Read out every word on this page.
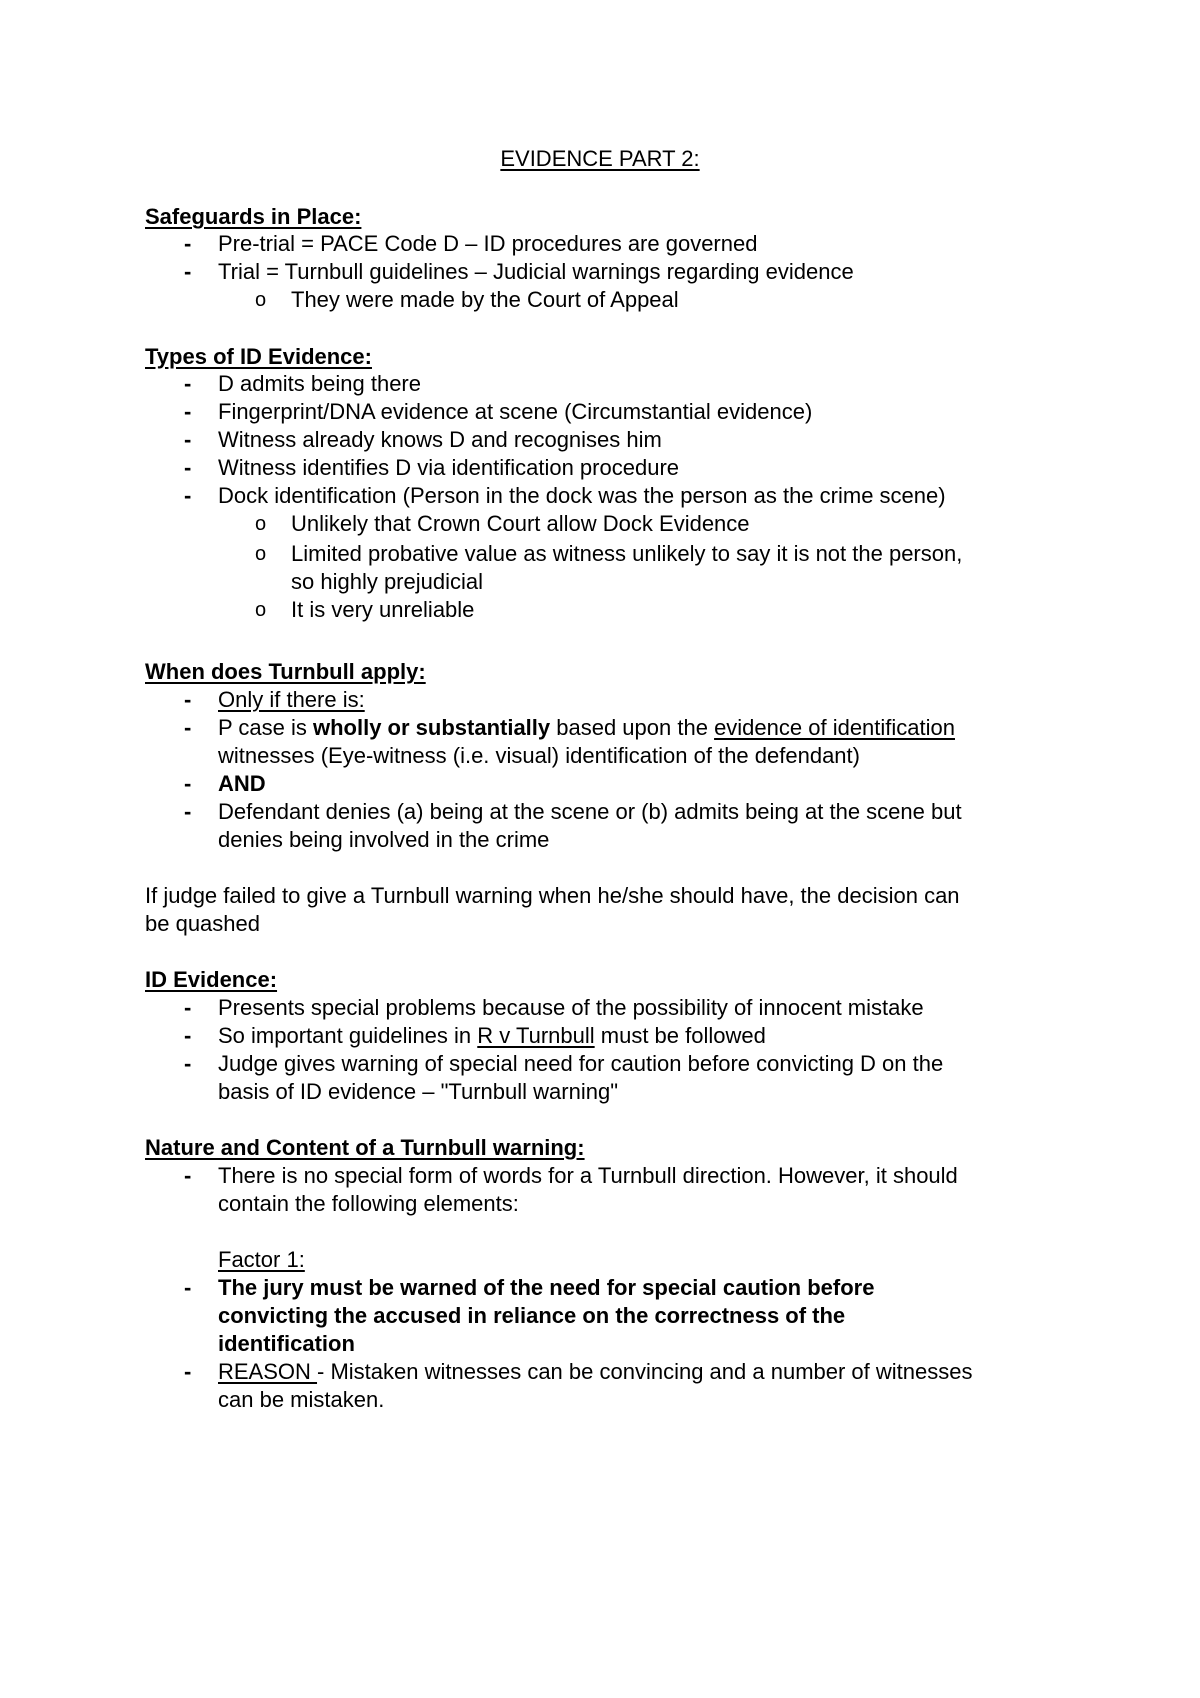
EVIDENCE PART 2:
Safeguards in Place:
- Pre-trial = PACE Code D – ID procedures are governed
- Trial = Turnbull guidelines – Judicial warnings regarding evidence
o They were made by the Court of Appeal
Types of ID Evidence:
- D admits being there
- Fingerprint/DNA evidence at scene (Circumstantial evidence)
- Witness already knows D and recognises him
- Witness identifies D via identification procedure
- Dock identification (Person in the dock was the person as the crime scene)
o Unlikely that Crown Court allow Dock Evidence
o Limited probative value as witness unlikely to say it is not the person,
so highly prejudicial
o It is very unreliable
When does Turnbull apply:
- Only if there is:
- P case is wholly or substantially based upon the evidence of identification
witnesses (Eye-witness (i.e. visual) identification of the defendant)
- AND
- Defendant denies (a) being at the scene or (b) admits being at the scene but
denies being involved in the crime
If judge failed to give a Turnbull warning when he/she should have, the decision can
be quashed
ID Evidence:
- Presents special problems because of the possibility of innocent mistake
- So important guidelines in R v Turnbull must be followed
- Judge gives warning of special need for caution before convicting D on the
basis of ID evidence – "Turnbull warning"
Nature and Content of a Turnbull warning:
- There is no special form of words for a Turnbull direction. However, it should
contain the following elements:
Factor 1:
- The jury must be warned of the need for special caution before
convicting the accused in reliance on the correctness of the
identification
- REASON - Mistaken witnesses can be convincing and a number of witnesses
can be mistaken.
